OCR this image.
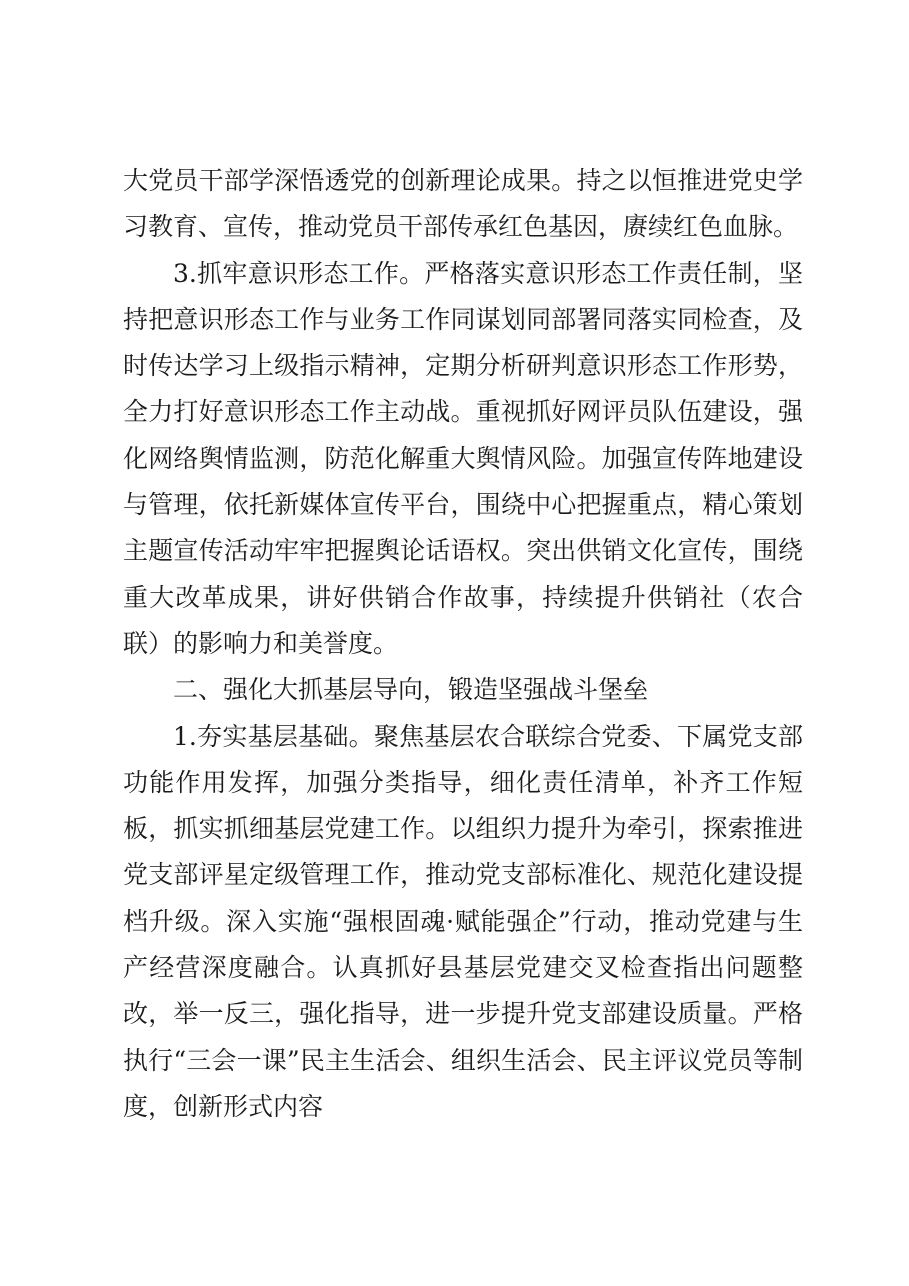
大党员干部学深悟透党的创新理论成果。持之以恒推进党史学习教育、宣传，推动党员干部传承红色基因，赓续红色血脉。

3.抓牢意识形态工作。严格落实意识形态工作责任制，坚持把意识形态工作与业务工作同谋划同部署同落实同检查，及时传达学习上级指示精神，定期分析研判意识形态工作形势，全力打好意识形态工作主动战。重视抓好网评员队伍建设，强化网络舆情监测，防范化解重大舆情风险。加强宣传阵地建设与管理，依托新媒体宣传平台，围绕中心把握重点，精心策划主题宣传活动牢牢把握舆论话语权。突出供销文化宣传，围绕重大改革成果，讲好供销合作故事，持续提升供销社（农合联）的影响力和美誉度。

二、强化大抓基层导向，锻造坚强战斗堡垒

1.夯实基层基础。聚焦基层农合联综合党委、下属党支部功能作用发挥，加强分类指导，细化责任清单，补齐工作短板，抓实抓细基层党建工作。以组织力提升为牵引，探索推进党支部评星定级管理工作，推动党支部标准化、规范化建设提档升级。深入实施“强根固魂·赋能强企”行动，推动党建与生产经营深度融合。认真抓好县基层党建交叉检查指出问题整改，举一反三，强化指导，进一步提升党支部建设质量。严格执行“三会一课”民主生活会、组织生活会、民主评议党员等制度，创新形式内容
